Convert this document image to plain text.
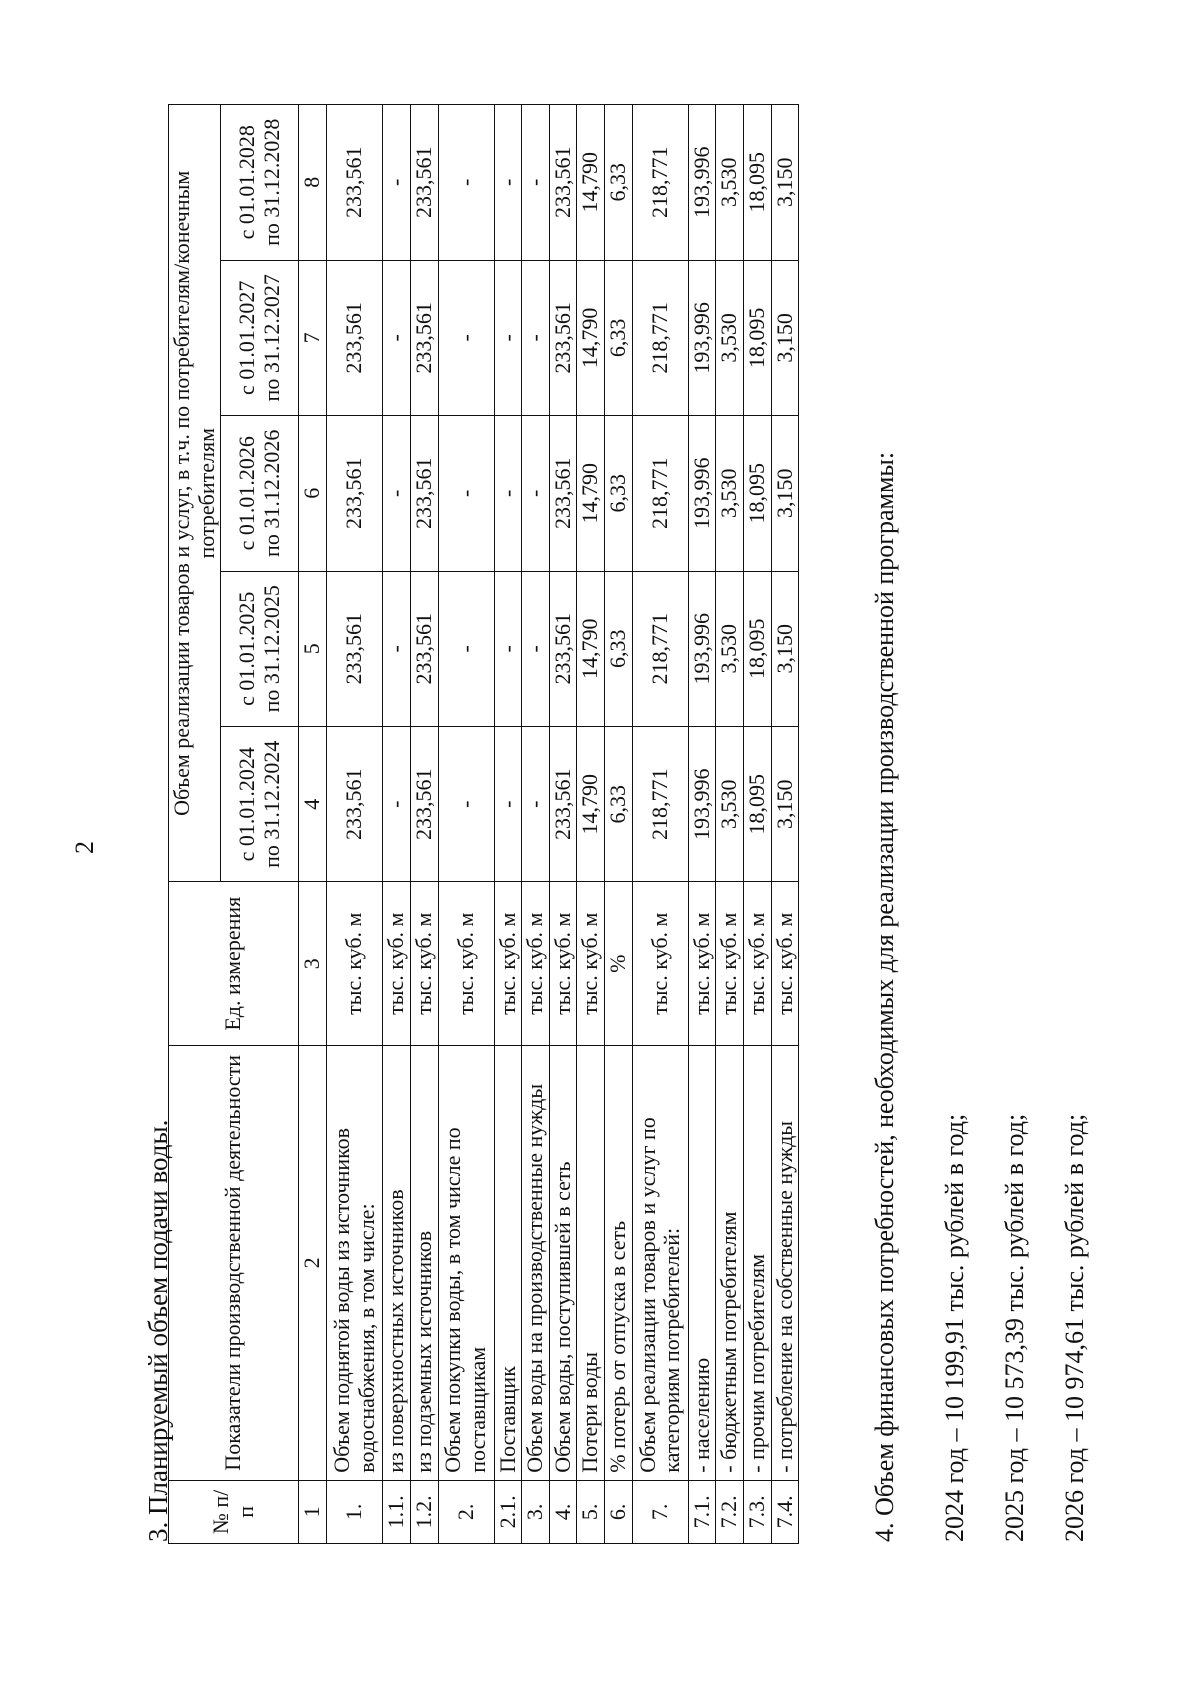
2
3. Планируемый объем подачи воды. № п/п	Показатели производственной деятельности	Ед. измерения	Объем реализации товаров и услуг, в т.ч. по потребителям/конечным потребителям				
			с 01.01.2024 по 31.12.2024	с 01.01.2025 по 31.12.2025	с 01.01.2026 по 31.12.2026	с 01.01.2027 по 31.12.2027	с 01.01.2028 по 31.12.2028
1	2	3	4	5	6	7	8
1.	Объем поднятой воды из источников водоснабжения, в том числе:	тыс. куб. м	233,561	233,561	233,561	233,561	233,561
1.1.	из поверхностных источников	тыс. куб. м	-	-	-	-	-
1.2.	из подземных источников	тыс. куб. м	233,561	233,561	233,561	233,561	233,561
2.	Объем покупки воды, в том числе по поставщикам	тыс. куб. м	-	-	-	-	-
2.1.	Поставщик	тыс. куб. м	-	-	-	-	-
3.	Объем воды на производственные нужды	тыс. куб. м	-	-	-	-	-
4.	Объем воды, поступившей в сеть	тыс. куб. м	233,561	233,561	233,561	233,561	233,561
5.	Потери воды	тыс. куб. м	14,790	14,790	14,790	14,790	14,790
6.	% потерь от отпуска в сеть	%	6,33	6,33	6,33	6,33	6,33
7.	Объем реализации товаров и услуг по категориям потребителей:	тыс. куб. м	218,771	218,771	218,771	218,771	218,771
7.1.	- населению	тыс. куб. м	193,996	193,996	193,996	193,996	193,996
7.2.	- бюджетным потребителям	тыс. куб. м	3,530	3,530	3,530	3,530	3,530
7.3.	- прочим потребителям	тыс. куб. м	18,095	18,095	18,095	18,095	18,095
7.4.	- потребление на собственные нужды	тыс. куб. м	3,150	3,150	3,150	3,150	3,150
4. Объем финансовых потребностей, необходимых для реализации производственной программы: 2024 год – 10 199,91 тыс. рублей в год; 2025 год – 10 573,39 тыс. рублей в год; 2026 год – 10 974,61 тыс. рублей в год;
